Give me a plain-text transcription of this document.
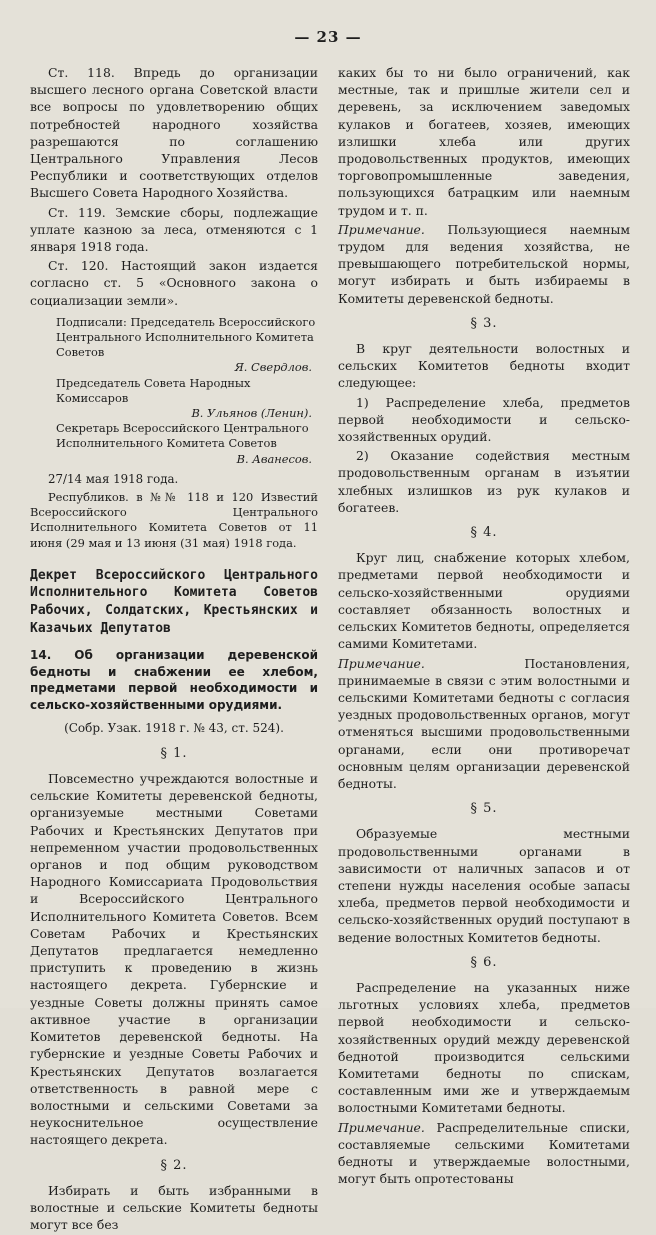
— 23 —

Ст. 118. Впредь до организации высшего лесного органа Советской власти все вопросы по удовлетворению общих потребностей народного хозяйства разрешаются по соглашению Центрального Управления Лесов Республики и соответствующих отделов Высшего Совета Народного Хозяйства.

Ст. 119. Земские сборы, подлежащие уплате казною за леса, отменяются с 1 января 1918 года.

Ст. 120. Настоящий закон издается согласно ст. 5 «Основного закона о социализации земли».

Подписали: Председатель Всероссийского Центрального Исполнительного Комитета Советов
Я. Свердлов.
Председатель Совета Народных Комиссаров
В. Ульянов (Ленин).
Секретарь Всероссийского Центрального Исполнительного Комитета Советов
В. Аванесов.

27/14 мая 1918 года.

Республиков. в №№ 118 и 120 Известий Всероссийского Центрального Исполнительного Комитета Советов от 11 июня (29 мая и 13 июня (31 мая) 1918 года.

Декрет Всероссийского Центрального Исполнительного Комитета Советов Рабочих, Солдатских, Крестьянских и Казачьих Депутатов
14. Об организации деревенской бедноты и снабжении ее хлебом, предметами первой необходимости и сельско-хозяйственными орудиями.
(Собр. Узак. 1918 г. № 43, ст. 524).
§ 1.

Повсеместно учреждаются волостные и сельские Комитеты деревенской бедноты, организуемые местными Советами Рабочих и Крестьянских Депутатов при непременном участии продовольственных органов и под общим руководством Народного Комиссариата Продовольствия и Всероссийского Центрального Исполнительного Комитета Советов. Всем Советам Рабочих и Крестьянских Депутатов предлагается немедленно приступить к проведению в жизнь настоящего декрета. Губернские и уездные Советы должны принять самое активное участие в организации Комитетов деревенской бедноты. На губернские и уездные Советы Рабочих и Крестьянских Депутатов возлагается ответственность в равной мере с волостными и сельскими Советами за неукоснительное осуществление настоящего декрета.

§ 2.

Избирать и быть избранными в волостные и сельские Комитеты бедноты могут все без

каких бы то ни было ограничений, как местные, так и пришлые жители сел и деревень, за исключением заведомых кулаков и богатеев, хозяев, имеющих излишки хлеба или других продовольственных продуктов, имеющих торговопромышленные заведения, пользующихся батрацким или наемным трудом и т. п.

Примечание. Пользующиеся наемным трудом для ведения хозяйства, не превышающего потребительской нормы, могут избирать и быть избираемы в Комитеты деревенской бедноты.

§ 3.

В круг деятельности волостных и сельских Комитетов бедноты входит следующее:

1) Распределение хлеба, предметов первой необходимости и сельско-хозяйственных орудий.

2) Оказание содействия местным продовольственным органам в изъятии хлебных излишков из рук кулаков и богатеев.

§ 4.

Круг лиц, снабжение которых хлебом, предметами первой необходимости и сельско-хозяйственными орудиями составляет обязанность волостных и сельских Комитетов бедноты, определяется самими Комитетами.

Примечание.	Постановления, принимаемые в связи с этим волостными и сельскими Комитетами бедноты с согласия уездных продовольственных органов, могут отменяться высшими продовольственными органами, если они противоречат основным целям организации деревенской бедноты.

§ 5.

Образуемые местными продовольственными органами в зависимости от наличных запасов и от степени нужды населения особые запасы хлеба, предметов первой необходимости и сельско-хозяйственных орудий поступают в ведение волостных Комитетов бедноты.

§ 6.

Распределение на указанных ниже льготных условиях хлеба, предметов первой необходимости и сельско-хозяйственных орудий между деревенской беднотой производится сельскими Комитетами бедноты по спискам, составленным ими же и утверждаемым волостными Комитетами бедноты.

Примечание. Распределительные списки, составляемые сельскими Комитетами бедноты и утверждаемые волостными, могут быть опротестованы
